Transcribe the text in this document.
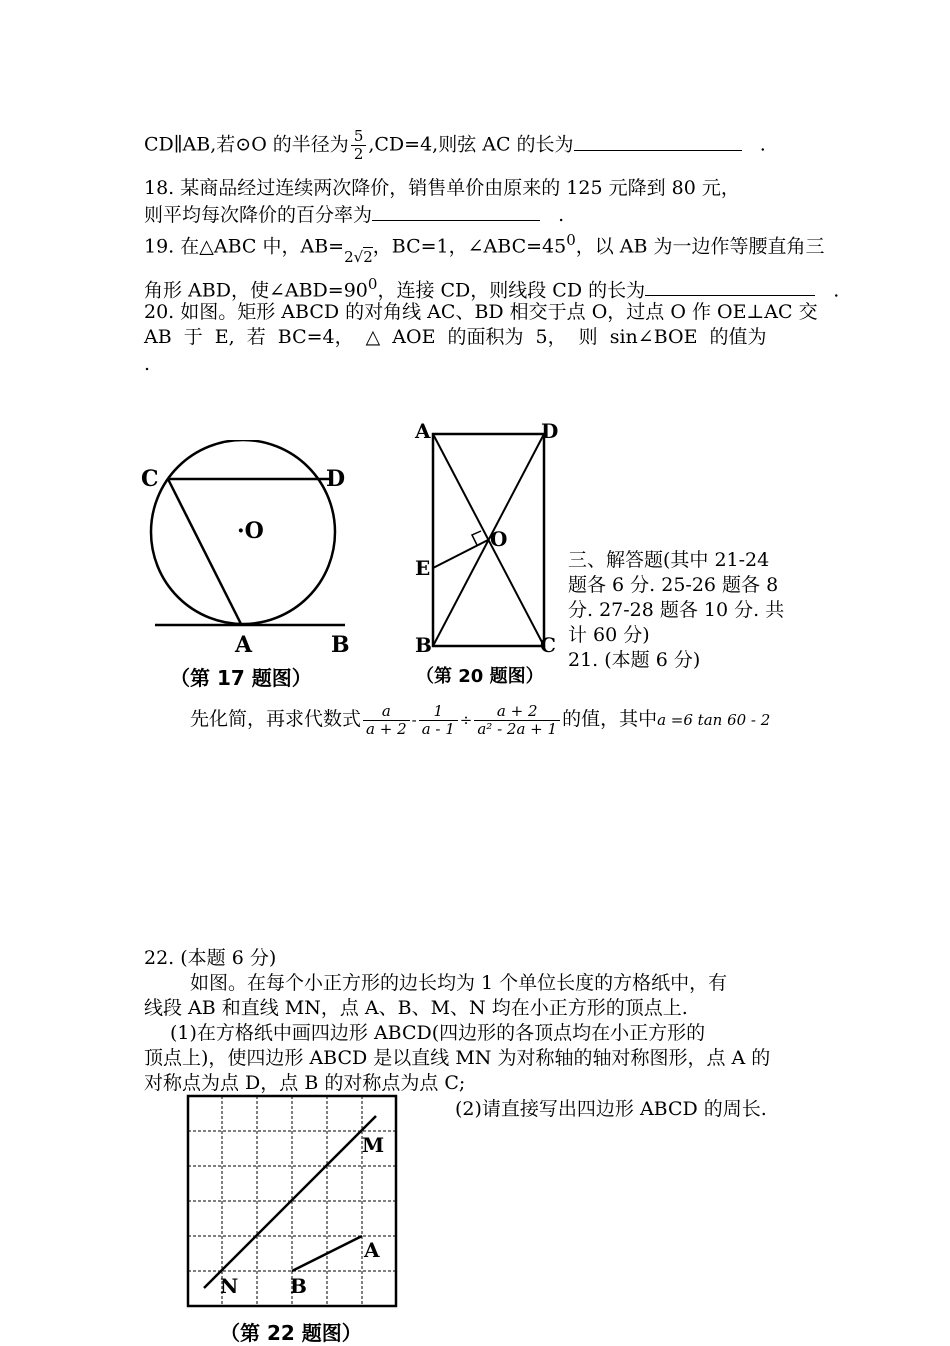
CD∥AB,若⊙O 的半径为 $\frac{5}{2} ,CD=4$,则弦 AC 的长为	.
18. 某商品经过连续两次降价，销售单价由原来的 125 元降到 80 元，
则平均每次降价的百分率为	.
19. 在△ABC 中，$AB=_{2√2}$，BC=1，$\angle ABC=45^0$，以 AB 为一边作等腰直角三
角形 ABD，使$\angle ABD=90^0$，连接 CD，则线段 CD 的长为	.
20. 如图。矩形 ABCD 的对角线 AC、BD 相交于点 O，过点 O 作 OE⊥AC 交
AB 于 E, 若 BC=4， △ AOE 的面积为 5， 则 sin∠BOE 的值为
.
C	D
·O
A	B
（第 17 题图）
A	D
O
E
B	C
（第 20 题图）
三、解答题(其中 21-24
题各 6 分. 25-26 题各 8
分. 27-28 题各 10 分. 共
计 60 分)
21. (本题 6 分)
先化简，再求代数式 $\frac{a}{a + 2} - \frac{1}{a - 1} \div \frac{a + 2}{\text{a² - 2a + 1}}$ 的值，其中a =6 tan 60 - 2
22. (本题 6 分)
如图。在每个小正方形的边长均为 1 个单位长度的方格纸中，有
线段 AB 和直线 MN，点 A、B、M、N 均在小正方形的顶点上.
(1)在方格纸中画四边形 ABCD(四边形的各顶点均在小正方形的
顶点上)，使四边形 ABCD 是以直线 MN 为对称轴的轴对称图形，点 A 的
对称点为点 D，点 B 的对称点为点 C;
(2)请直接写出四边形 ABCD 的周长.
M
A
N	B
（第 22 题图）
